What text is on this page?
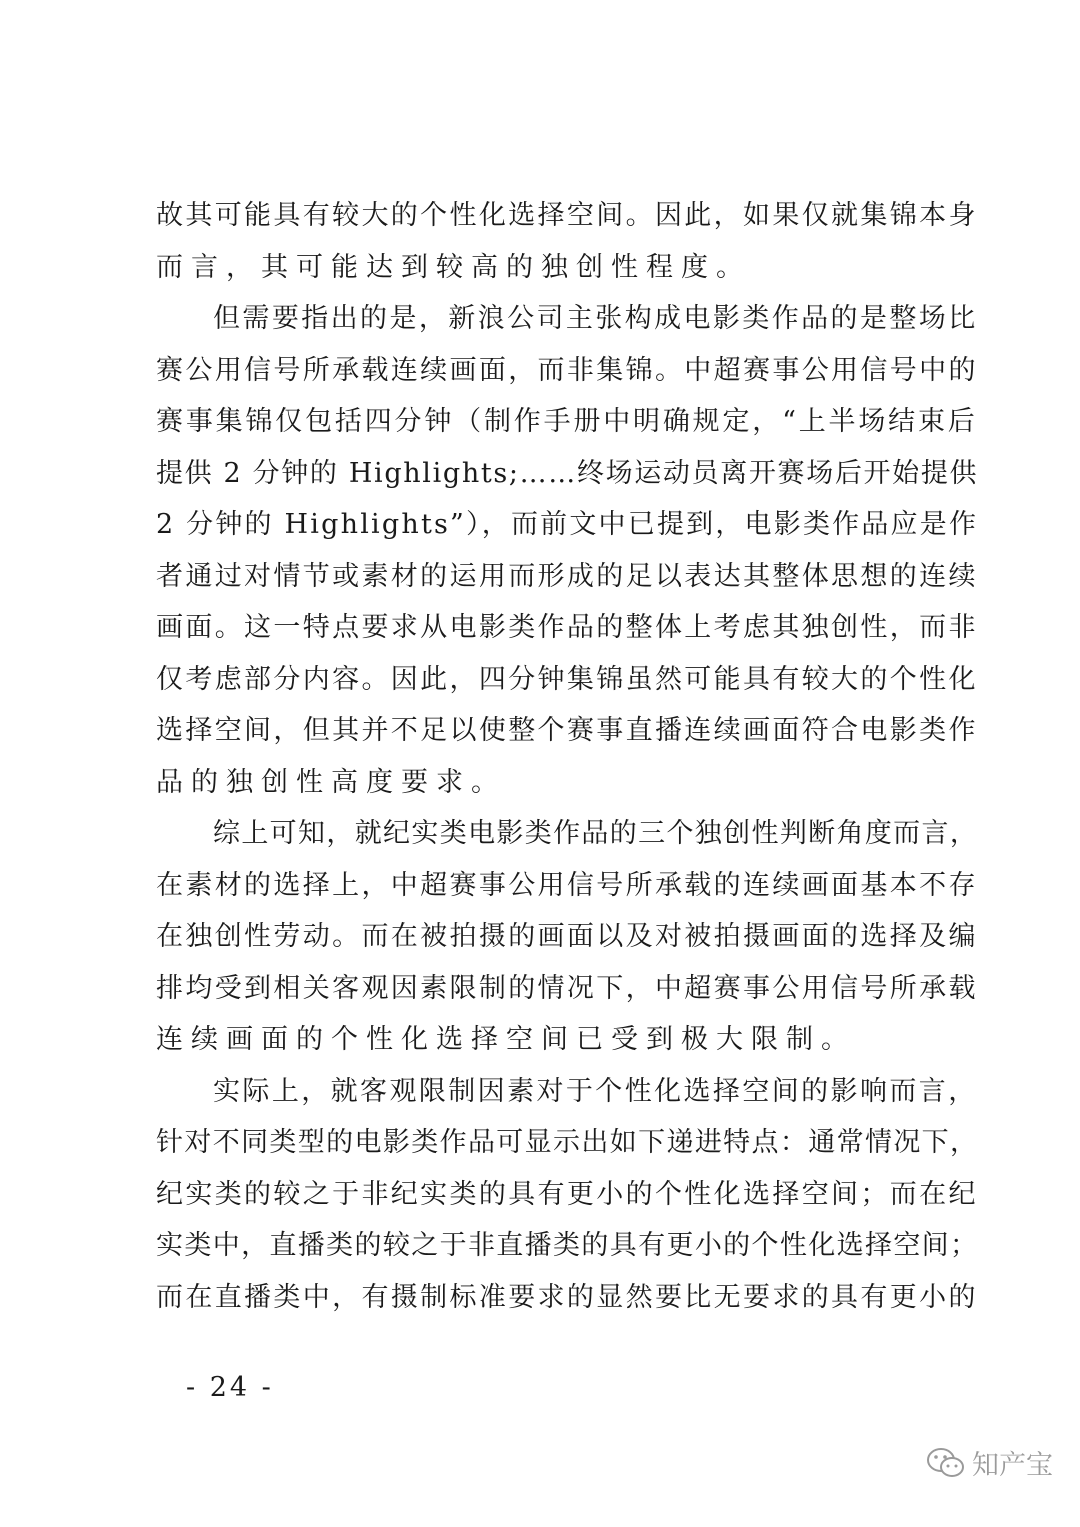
故其可能具有较大的个性化选择空间。因此，如果仅就集锦本身
而言，其可能达到较高的独创性程度。
但需要指出的是，新浪公司主张构成电影类作品的是整场比
赛公用信号所承载连续画面，而非集锦。中超赛事公用信号中的
赛事集锦仅包括四分钟（制作手册中明确规定，“上半场结束后
提供 2 分钟的 Highlights;……终场运动员离开赛场后开始提供
2 分钟的 Highlights”），而前文中已提到，电影类作品应是作
者通过对情节或素材的运用而形成的足以表达其整体思想的连续
画面。这一特点要求从电影类作品的整体上考虑其独创性，而非
仅考虑部分内容。因此，四分钟集锦虽然可能具有较大的个性化
选择空间，但其并不足以使整个赛事直播连续画面符合电影类作
品的独创性高度要求。
综上可知，就纪实类电影类作品的三个独创性判断角度而言，
在素材的选择上，中超赛事公用信号所承载的连续画面基本不存
在独创性劳动。而在被拍摄的画面以及对被拍摄画面的选择及编
排均受到相关客观因素限制的情况下，中超赛事公用信号所承载
连续画面的个性化选择空间已受到极大限制。
实际上，就客观限制因素对于个性化选择空间的影响而言，
针对不同类型的电影类作品可显示出如下递进特点：通常情况下，
纪实类的较之于非纪实类的具有更小的个性化选择空间；而在纪
实类中，直播类的较之于非直播类的具有更小的个性化选择空间；
而在直播类中，有摄制标准要求的显然要比无要求的具有更小的
- 24 -
知产宝
